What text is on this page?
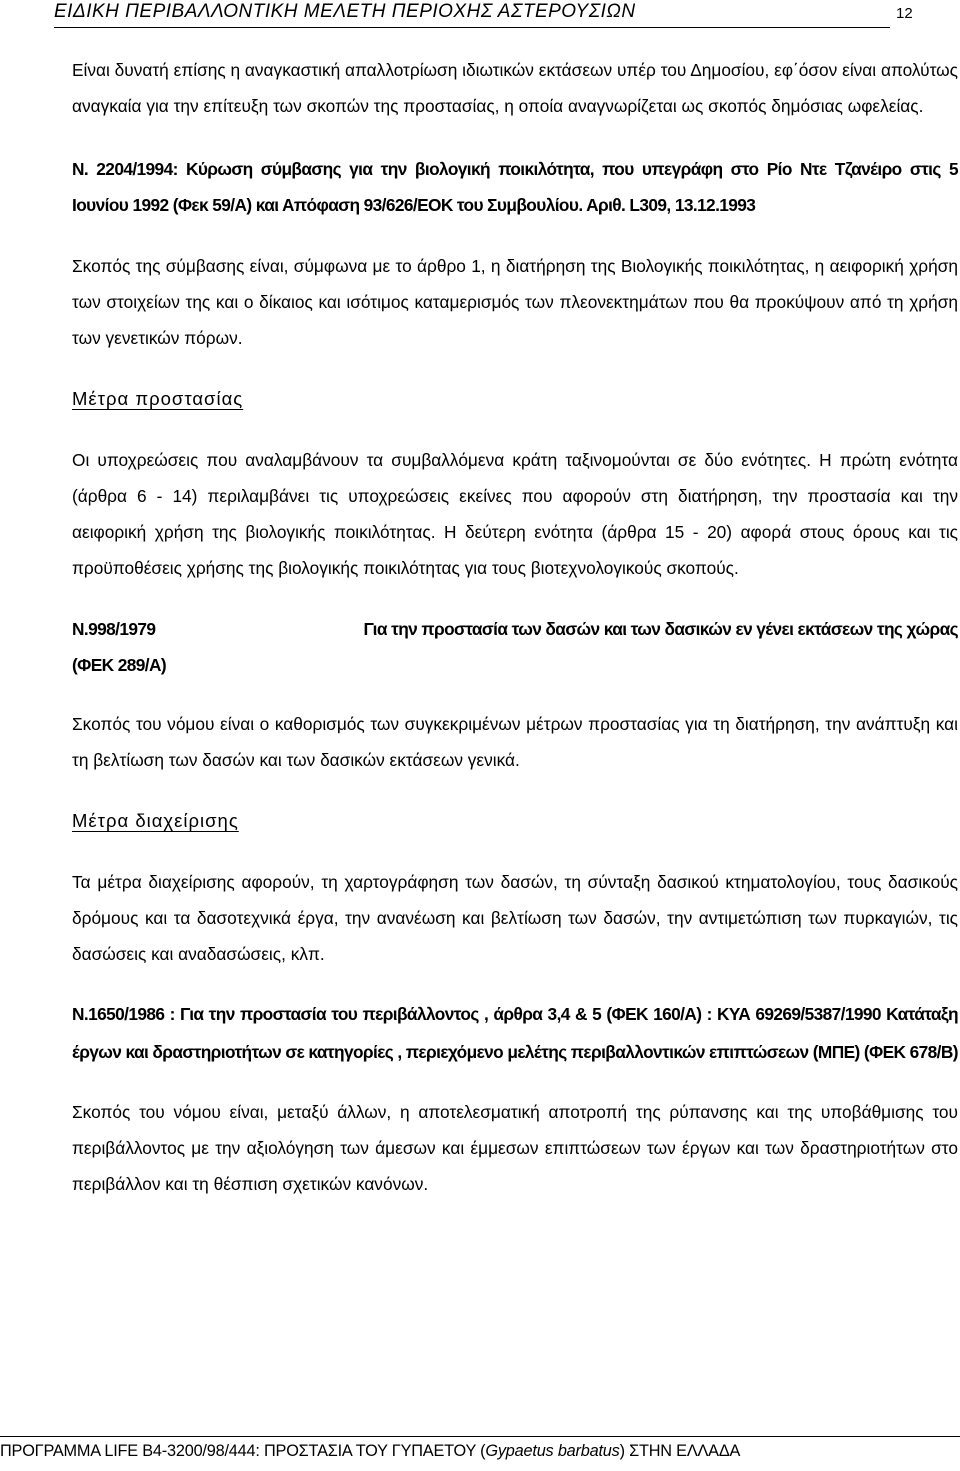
ΕΙΔΙΚΗ ΠΕΡΙΒΑΛΛΟΝΤΙΚΗ ΜΕΛΕΤΗ ΠΕΡΙΟΧΗΣ ΑΣΤΕΡΟΥΣΙΩΝ	12

Είναι δυνατή επίσης η αναγκαστική απαλλοτρίωση ιδιωτικών εκτάσεων υπέρ του Δημοσίου, εφ΄όσον είναι απολύτως αναγκαία για την επίτευξη των σκοπών της προστασίας, η οποία αναγνωρίζεται ως σκοπός δημόσιας ωφελείας.

Ν. 2204/1994: Κύρωση σύμβασης για την βιολογική ποικιλότητα, που υπεγράφη στο Ρίο Ντε Τζανέιρο στις 5 Ιουνίου 1992 (Φεκ 59/Α) και Απόφαση 93/626/ΕΟΚ του Συμβουλίου. Αριθ. L309, 13.12.1993

Σκοπός της σύμβασης είναι, σύμφωνα με το άρθρο 1, η διατήρηση της Βιολογικής ποικιλότητας, η αειφορική χρήση των στοιχείων της και ο δίκαιος και ισότιμος καταμερισμός των πλεονεκτημάτων που θα προκύψουν από τη χρήση των γενετικών πόρων.

Μέτρα προστασίας

Οι υποχρεώσεις που αναλαμβάνουν τα συμβαλλόμενα κράτη ταξινομούνται σε δύο ενότητες. Η πρώτη ενότητα (άρθρα 6 - 14) περιλαμβάνει τις υποχρεώσεις εκείνες που αφορούν στη διατήρηση, την προστασία και την αειφορική χρήση της βιολογικής ποικιλότητας. Η δεύτερη ενότητα (άρθρα 15 - 20) αφορά στους όρους και τις προϋποθέσεις χρήσης της βιολογικής ποικιλότητας για τους βιοτεχνολογικούς σκοπούς.

Ν.998/1979	Για την προστασία των δασών και των δασικών εν γένει εκτάσεων της χώρας

(ΦΕΚ 289/Α)

Σκοπός του νόμου είναι ο καθορισμός των συγκεκριμένων μέτρων προστασίας για τη διατήρηση, την ανάπτυξη και τη βελτίωση των δασών και των δασικών εκτάσεων γενικά.

Μέτρα διαχείρισης

Τα μέτρα διαχείρισης αφορούν, τη χαρτογράφηση των δασών, τη σύνταξη δασικού κτηματολογίου, τους δασικούς δρόμους και τα δασοτεχνικά έργα, την ανανέωση και βελτίωση των δασών, την αντιμετώπιση των πυρκαγιών, τις δασώσεις και αναδασώσεις, κλπ.

Ν.1650/1986 : Για την προστασία του περιβάλλοντος , άρθρα 3,4 & 5 (ΦΕΚ 160/Α) : ΚΥΑ 69269/5387/1990 Κατάταξη έργων και δραστηριοτήτων σε κατηγορίες , περιεχόμενο μελέτης περιβαλλοντικών επιπτώσεων (ΜΠΕ) (ΦΕΚ 678/Β)

Σκοπός του νόμου είναι, μεταξύ άλλων, η αποτελεσματική αποτροπή της ρύπανσης και της υποβάθμισης του περιβάλλοντος με την αξιολόγηση των άμεσων και έμμεσων επιπτώσεων των έργων και των δραστηριοτήτων στο περιβάλλον και τη θέσπιση σχετικών κανόνων.

ΠΡΟΓΡΑΜΜΑ LIFE B4-3200/98/444: ΠΡΟΣΤΑΣΙΑ ΤΟΥ ΓΥΠΑΕΤΟΥ (Gypaetus barbatus) ΣΤΗΝ ΕΛΛΑΔΑ
